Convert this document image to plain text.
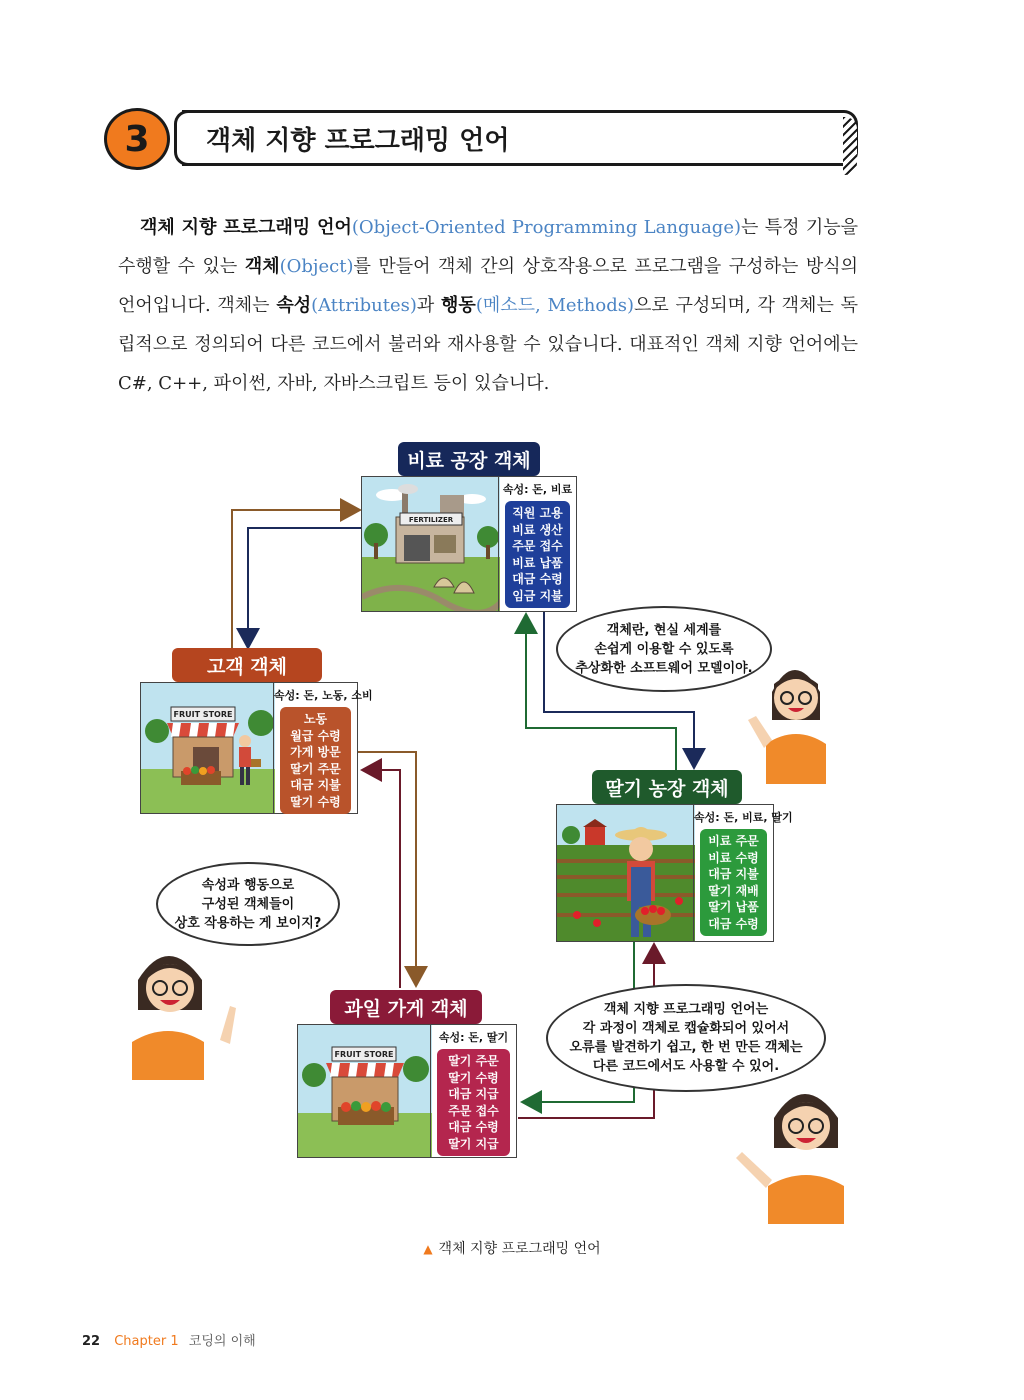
3	객체 지향 프로그래밍 언어
객체 지향 프로그래밍 언어(Object-Oriented Programming Language)는 특정 기능을 수행할 수 있는 객체(Object)를 만들어 객체 간의 상호작용으로 프로그램을 구성하는 방식의 언어입니다. 객체는 속성(Attributes)과 행동(메소드, Methods)으로 구성되며, 각 객체는 독립적으로 정의되어 다른 코드에서 불러와 재사용할 수 있습니다. 대표적인 객체 지향 언어에는 C#, C++, 파이썬, 자바, 자바스크립트 등이 있습니다.
비료 공장 객체
FERTILIZER
속성: 돈, 비료
직원 고용
비료 생산
주문 접수
비료 납품
대금 수령
임금 지불
고객 객체
FRUIT STORE
속성: 돈, 노동, 소비
노동
월급 수령
가게 방문
딸기 주문
대금 지불
딸기 수령
딸기 농장 객체
속성: 돈, 비료, 딸기
비료 주문
비료 수령
대금 지불
딸기 재배
딸기 납품
대금 수령
과일 가게 객체
FRUIT STORE
속성: 돈, 딸기
딸기 주문
딸기 수령
대금 지급
주문 접수
대금 수령
딸기 지급
객체란, 현실 세계를
손쉽게 이용할 수 있도록
추상화한 소프트웨어 모델이야.
속성과 행동으로
구성된 객체들이
상호 작용하는 게 보이지?
객체 지향 프로그래밍 언어는
각 과정이 객체로 캡슐화되어 있어서
오류를 발견하기 쉽고, 한 번 만든 객체는
다른 코드에서도 사용할 수 있어.
▲ 객체 지향 프로그래밍 언어
22 Chapter 1 코딩의 이해
